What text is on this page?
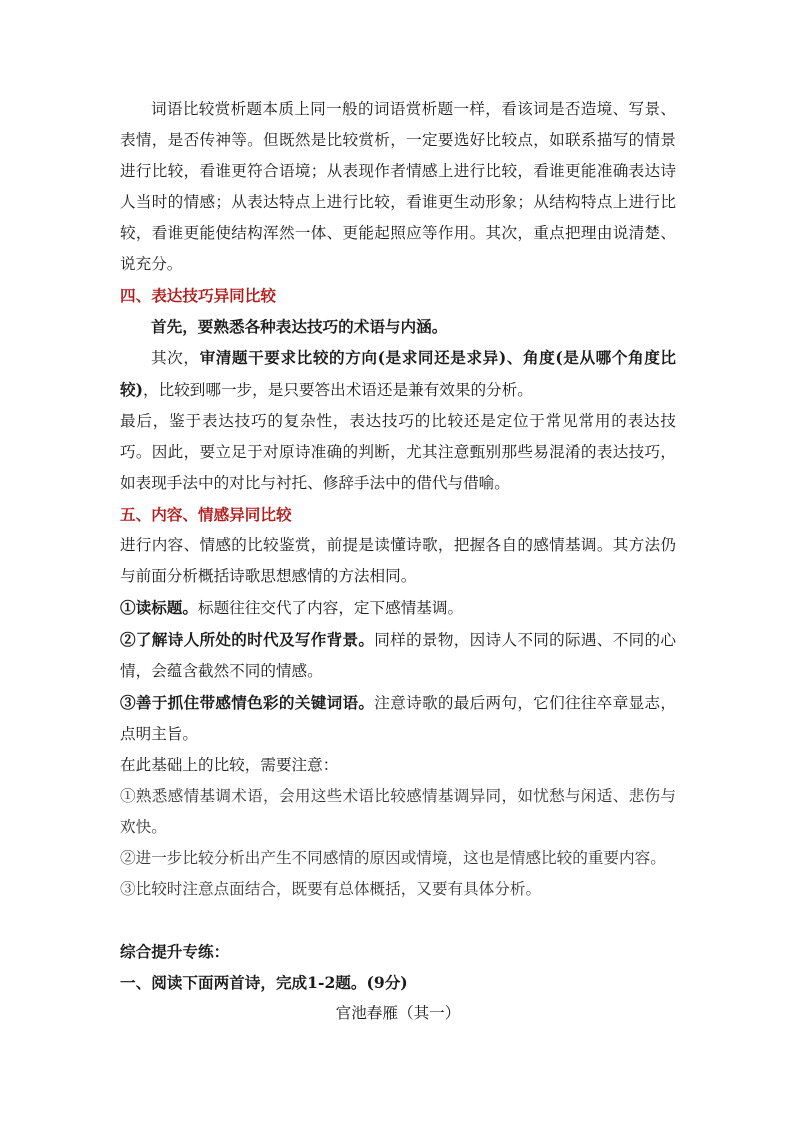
词语比较赏析题本质上同一般的词语赏析题一样，看该词是否造境、写景、表情，是否传神等。但既然是比较赏析，一定要选好比较点，如联系描写的情景进行比较，看谁更符合语境；从表现作者情感上进行比较，看谁更能准确表达诗人当时的情感；从表达特点上进行比较，看谁更生动形象；从结构特点上进行比较，看谁更能使结构浑然一体、更能起照应等作用。其次，重点把理由说清楚、说充分。

四、表达技巧异同比较

首先，要熟悉各种表达技巧的术语与内涵。

其次，审清题干要求比较的方向(是求同还是求异)、角度(是从哪个角度比较)，比较到哪一步，是只要答出术语还是兼有效果的分析。

最后，鉴于表达技巧的复杂性，表达技巧的比较还是定位于常见常用的表达技巧。因此，要立足于对原诗准确的判断，尤其注意甄别那些易混淆的表达技巧，如表现手法中的对比与衬托、修辞手法中的借代与借喻。

五、内容、情感异同比较

进行内容、情感的比较鉴赏，前提是读懂诗歌，把握各自的感情基调。其方法仍与前面分析概括诗歌思想感情的方法相同。

①读标题。标题往往交代了内容，定下感情基调。

②了解诗人所处的时代及写作背景。同样的景物，因诗人不同的际遇、不同的心情，会蕴含截然不同的情感。

③善于抓住带感情色彩的关键词语。注意诗歌的最后两句，它们往往卒章显志，点明主旨。

在此基础上的比较，需要注意：

①熟悉感情基调术语，会用这些术语比较感情基调异同，如忧愁与闲适、悲伤与欢快。

②进一步比较分析出产生不同感情的原因或情境，这也是情感比较的重要内容。

③比较时注意点面结合，既要有总体概括，又要有具体分析。

综合提升专练：

一、阅读下面两首诗，完成1-2题。(9分)

官池春雁（其一）
